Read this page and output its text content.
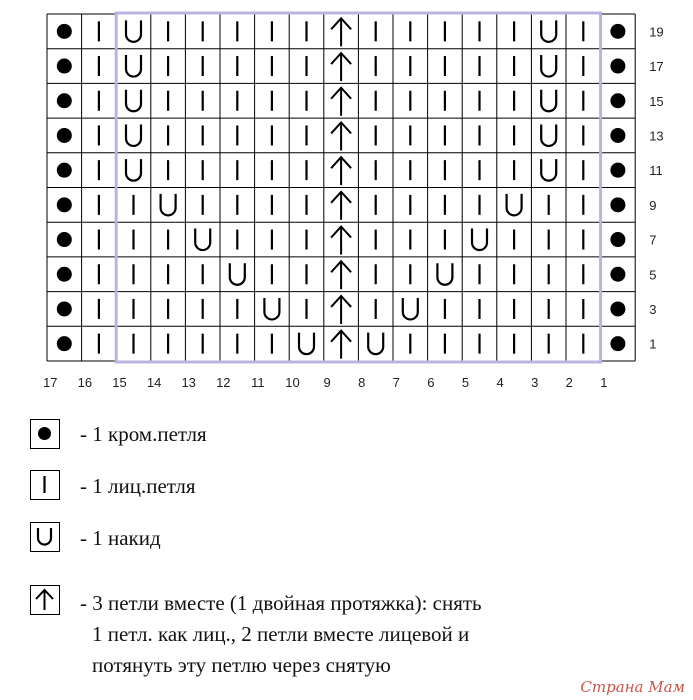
19
17
15
13
11
9
7
5
3
1
17 16 15 14 13 12 11 10 9 8 7 6 5 4 3 2 1
- 1 кром.петля
- 1 лиц.петля
- 1 накид
- 3 петли вместе (1 двойная протяжка): снять
1 петл. как лиц., 2 петли вместе лицевой и
потянуть эту петлю через снятую
Страна Мам
